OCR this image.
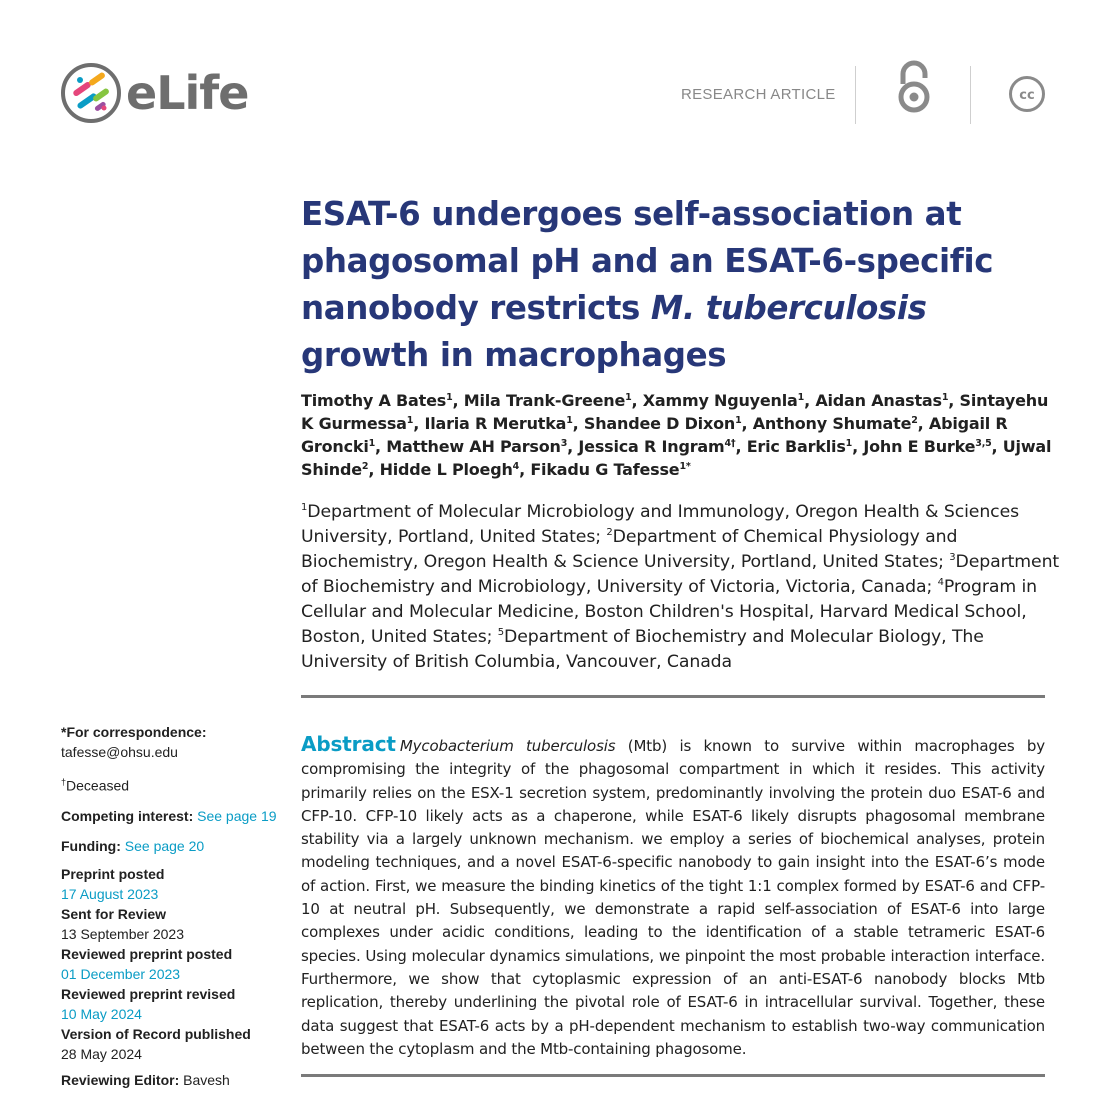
eLife	RESEARCH ARTICLE	cc
ESAT-6 undergoes self-association at phagosomal pH and an ESAT-6-specific nanobody restricts M. tuberculosis growth in macrophages
Timothy A Bates$^1$, Mila Trank-Greene$^1$, Xammy Nguyenla$^1$, Aidan Anastas$^1$, Sintayehu K Gurmessa$^1$, Ilaria R Merutka$^1$, Shandee D Dixon$^1$, Anthony Shumate$^2$, Abigail R Groncki$^1$, Matthew AH Parson$^3$, Jessica R Ingram$^{4\dagger}$, Eric Barklis$^1$, John E Burke$^{3,5}$, Ujwal Shinde$^2$, Hidde L Ploegh$^4$, Fikadu G Tafesse$^{1*}$
$^1$Department of Molecular Microbiology and Immunology, Oregon Health & Sciences University, Portland, United States; $^2$Department of Chemical Physiology and Biochemistry, Oregon Health & Science University, Portland, United States; $^3$Department of Biochemistry and Microbiology, University of Victoria, Victoria, Canada; $^4$Program in Cellular and Molecular Medicine, Boston Children's Hospital, Harvard Medical School, Boston, United States; $^5$Department of Biochemistry and Molecular Biology, The University of British Columbia, Vancouver, Canada
*For correspondence:
tafesse@ohsu.edu
†Deceased
Competing interest: See page 19
Funding: See page 20
Preprint posted
17 August 2023
Sent for Review
13 September 2023
Reviewed preprint posted
01 December 2023
Reviewed preprint revised
10 May 2024
Version of Record published
28 May 2024
Reviewing Editor: Bavesh
Abstract Mycobacterium tuberculosis (Mtb) is known to survive within macrophages by compromising the integrity of the phagosomal compartment in which it resides. This activity primarily relies on the ESX-1 secretion system, predominantly involving the protein duo ESAT-6 and CFP-10. CFP-10 likely acts as a chaperone, while ESAT-6 likely disrupts phagosomal membrane stability via a largely unknown mechanism. we employ a series of biochemical analyses, protein modeling techniques, and a novel ESAT-6-specific nanobody to gain insight into the ESAT-6’s mode of action. First, we measure the binding kinetics of the tight 1:1 complex formed by ESAT-6 and CFP-10 at neutral pH. Subsequently, we demonstrate a rapid self-association of ESAT-6 into large complexes under acidic conditions, leading to the identification of a stable tetrameric ESAT-6 species. Using molecular dynamics simulations, we pinpoint the most probable interaction interface. Furthermore, we show that cytoplasmic expression of an anti-ESAT-6 nanobody blocks Mtb replication, thereby underlining the pivotal role of ESAT-6 in intracellular survival. Together, these data suggest that ESAT-6 acts by a pH-dependent mechanism to establish two-way communication between the cytoplasm and the Mtb-containing phagosome.
